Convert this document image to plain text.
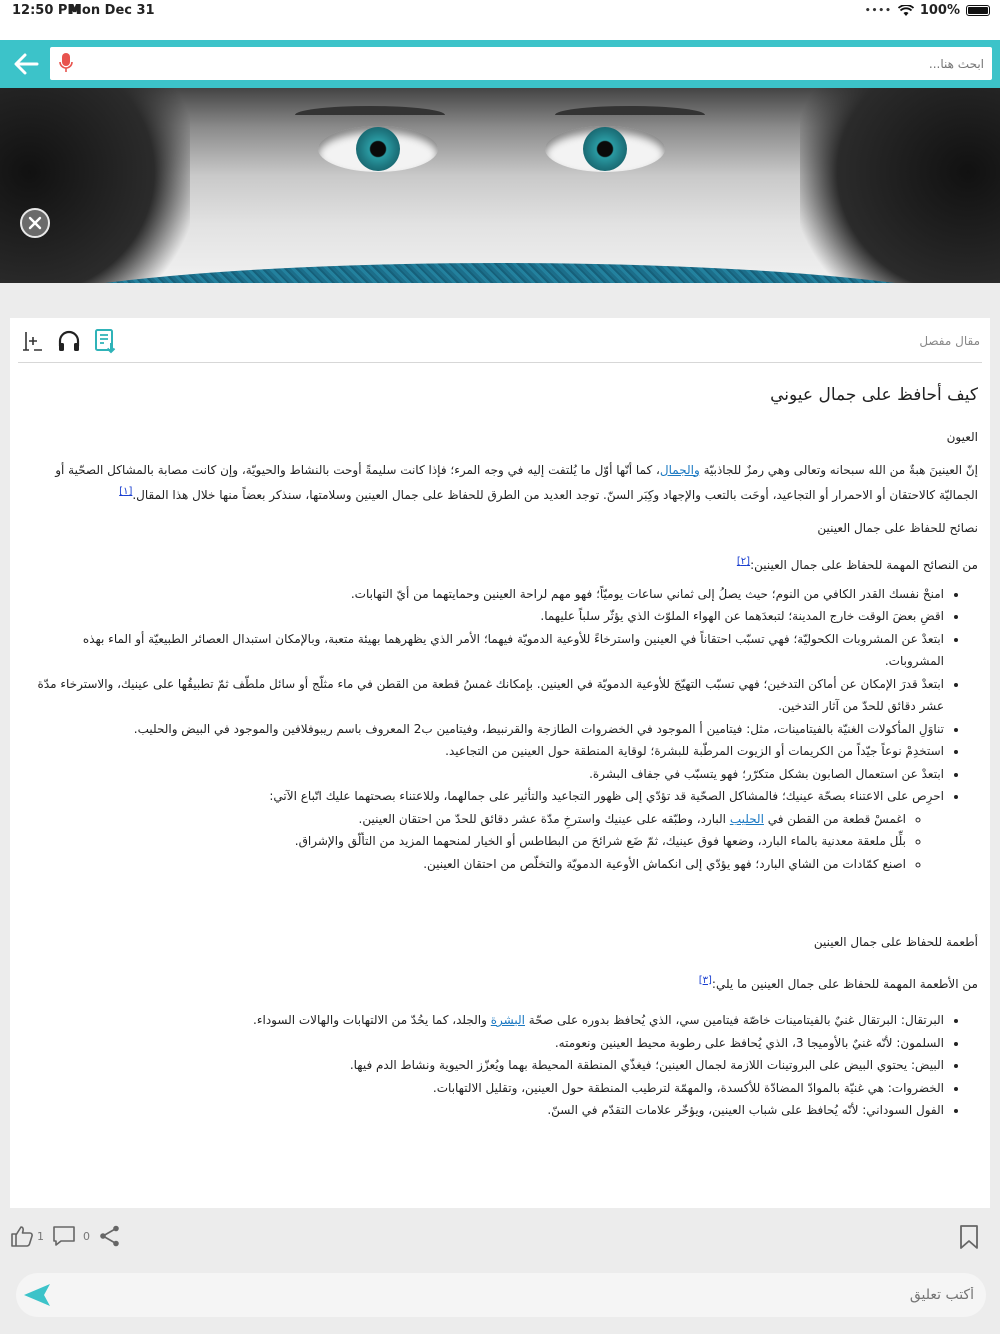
12:50 PM
Mon Dec 31	•••• 100%
ابحث هنا...
مقال مفصل
كيف أحافظ على جمال عيوني

العيون

إنّ العينينَ هبةٌ من الله سبحانه وتعالى وهي رمزٌ للجاذبيّة والجمال، كما أنّها أوّل ما يُلتفت إليه في وجه المرء؛ فإذا كانت سليمةً أوحت بالنشاط والحيويّة، وإن كانت مصابة بالمشاكل الصحّية أو الجماليّة كالاحتقان أو الاحمرار أو التجاعيد، أوحَت بالتعب والإجهاد وكِبَر السنّ. توجد العديد من الطرق للحفاظ على جمال العينين وسلامتها، سنذكر بعضاً منها خلال هذا المقال.[١]

نصائح للحفاظ على جمال العينين

من النصائح المهمة للحفاظ على جمال العينين:[٢]

• امنحْ نفسك القدر الكافي من النوم؛ حيث يصلُ إلى ثماني ساعات يوميّاً؛ فهو مهم لراحة العينين وحمايتهما من أيّ التهابات.
• اقضِ بعضَ الوقت خارج المدينة؛ لتبعدَهما عن الهواء الملوّث الذي يؤثّر سلباً عليهما.
• ابتعدْ عن المشروبات الكحوليّة؛ فهي تسبّب احتقاناً في العينين واسترخاءً للأوعية الدمويّة فيهما؛ الأمر الذي يظهرهما بهيئة متعبة، وبالإمكان استبدال العصائر الطبيعيّة أو الماء بهذه المشروبات.
• ابتعدْ قدرَ الإمكان عن أماكن التدخين؛ فهي تسبّب التهيّجَ للأوعية الدمويّة في العينين. بإمكانك غمسُ قطعة من القطن في ماء مثلّج أو سائل ملطّف ثمّ تطبيقُها على عينيك، والاسترخاء مدّة عشر دقائق للحدّ من آثار التدخين.
• تناوَلِ المأكولات الغنيّة بالفيتامينات، مثل: فيتامين أ الموجود في الخضروات الطازجة والقرنبيط، وفيتامين ب2 المعروف باسم ريبوفلافين والموجود في البيض والحليب.
• استخدِمْ نوعاً جيّداً من الكريمات أو الزيوت المرطّبة للبشرة؛ لوقاية المنطقة حول العينين من التجاعيد.
• ابتعدْ عن استعمال الصابون بشكل متكرّر؛ فهو يتسبّب في جفاف البشرة.
• احرِص على الاعتناء بصحّة عينيك؛ فالمشاكل الصحّية قد تؤدّي إلى ظهور التجاعيد والتأثير على جمالهما، وللاعتناء بصحتهما عليك اتّباع الآتي:
◦ اغمسْ قطعة من القطن في الحليب البارد، وطبّقه على عينيك واسترخِ مدّة عشر دقائق للحدّ من احتقان العينين.
◦ بلِّل ملعقة معدنية بالماء البارد، وضعها فوق عينيك، ثمّ ضَع شرائحَ من البطاطس أو الخيار لمنحهما المزيد من التألّق والإشراق.
◦ اصنع كمّادات من الشاي البارد؛ فهو يؤدّي إلى انكماش الأوعية الدمويّة والتخلّص من احتقان العينين.

أطعمة للحفاظ على جمال العينين

من الأطعمة المهمة للحفاظ على جمال العينين ما يلي:[٣]

• البرتقال: البرتقال غنيٌ بالفيتامينات خاصّة فيتامين سي، الذي يُحافظ بدوره على صحّة البشرة والجلد، كما يحُدّ من الالتهابات والهالات السوداء.
• السلمون: لأنّه غنيٌ بالأوميجا 3، الذي يُحافظ على رطوبة محيط العينين ونعومته.
• البيض: يحتوي البيض على البروتينات اللازمة لجمال العينين؛ فيغذّي المنطقة المحيطة بهما ويُعزّز الحيوية ونشاط الدم فيها.
• الخضروات: هي غنيّة بالموادّ المضادّة للأكسدة، والمهمّة لترطيب المنطقة حول العينين، وتقليل الالتهابات.
• الفول السوداني: لأنّه يُحافظ على شباب العينين، ويؤخّر علامات التقدّم في السنّ.
1	0
أكتب تعليق
